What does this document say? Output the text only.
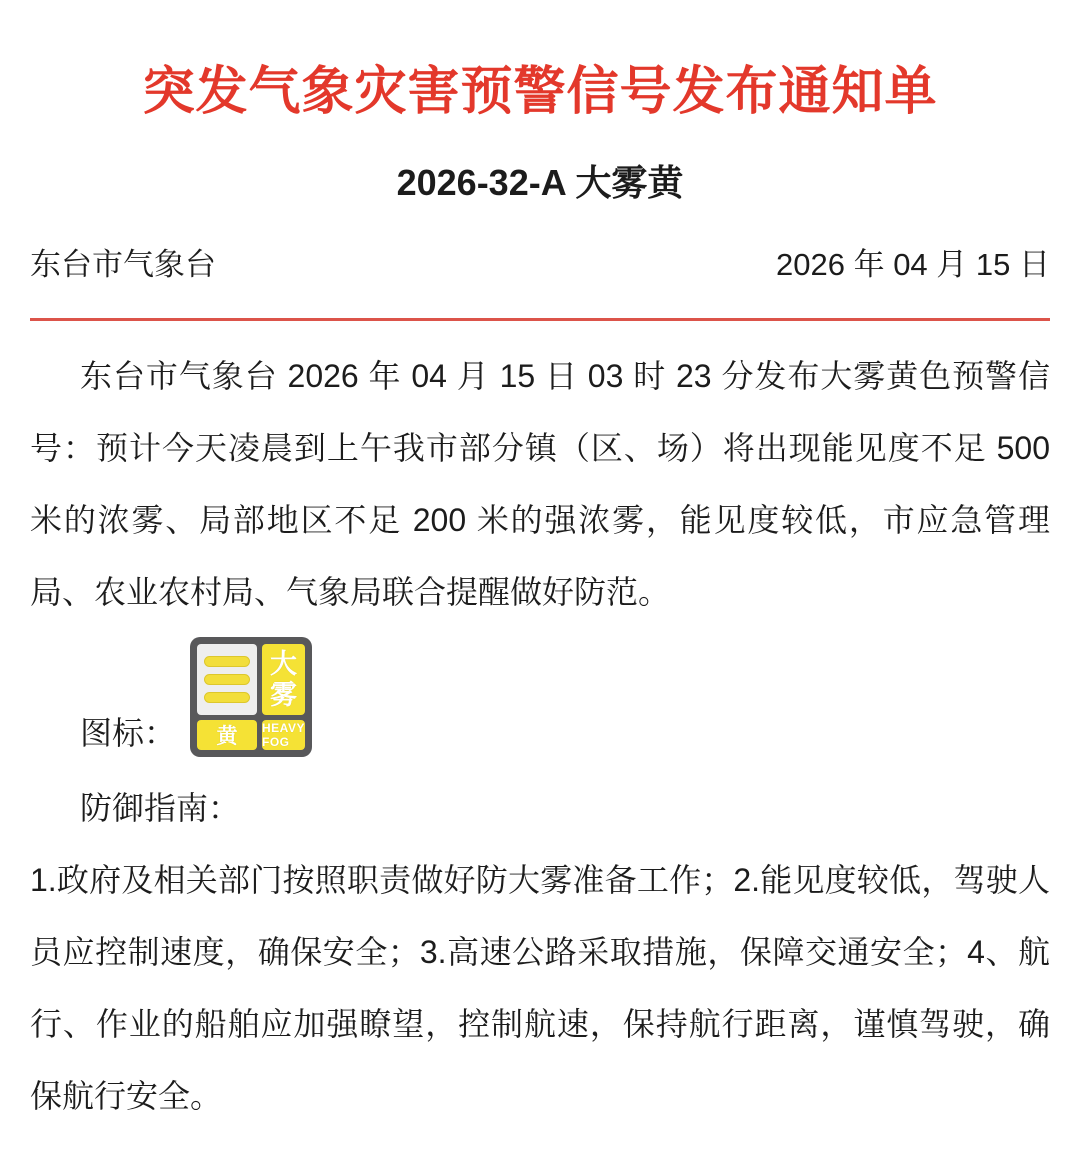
突发气象灾害预警信号发布通知单
2026-32-A 大雾黄
东台市气象台	2026 年 04 月 15 日
东台市气象台 2026 年 04 月 15 日 03 时 23 分发布大雾黄色预警信号：预计今天凌晨到上午我市部分镇（区、场）将出现能见度不足 500 米的浓雾、局部地区不足 200 米的强浓雾，能见度较低，市应急管理局、农业农村局、气象局联合提醒做好防范。
图标：
大
雾
黄	HEAVY FOG
防御指南：
1.政府及相关部门按照职责做好防大雾准备工作；2.能见度较低，驾驶人员应控制速度，确保安全；3.高速公路采取措施，保障交通安全；4、航行、作业的船舶应加强瞭望，控制航速，保持航行距离，谨慎驾驶，确保航行安全。
